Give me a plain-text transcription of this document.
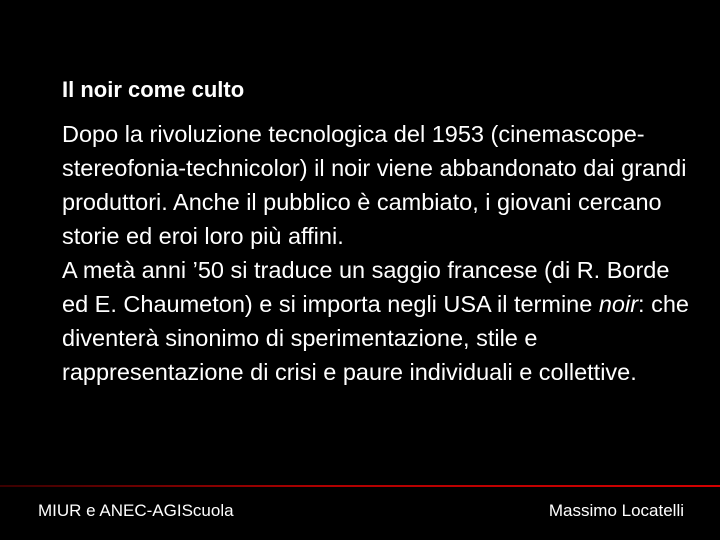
Il noir come culto

Dopo la rivoluzione tecnologica del 1953 (cinemascope-stereofonia-technicolor) il noir viene abbandonato dai grandi produttori. Anche il pubblico è cambiato, i giovani cercano storie ed eroi loro più affini.

A metà anni ’50 si traduce un saggio francese (di R. Borde ed E. Chaumeton) e si importa negli USA il termine noir: che diventerà sinonimo di sperimentazione, stile e rappresentazione di crisi e paure individuali e collettive.

MIUR e ANEC-AGIScuola	Massimo Locatelli
